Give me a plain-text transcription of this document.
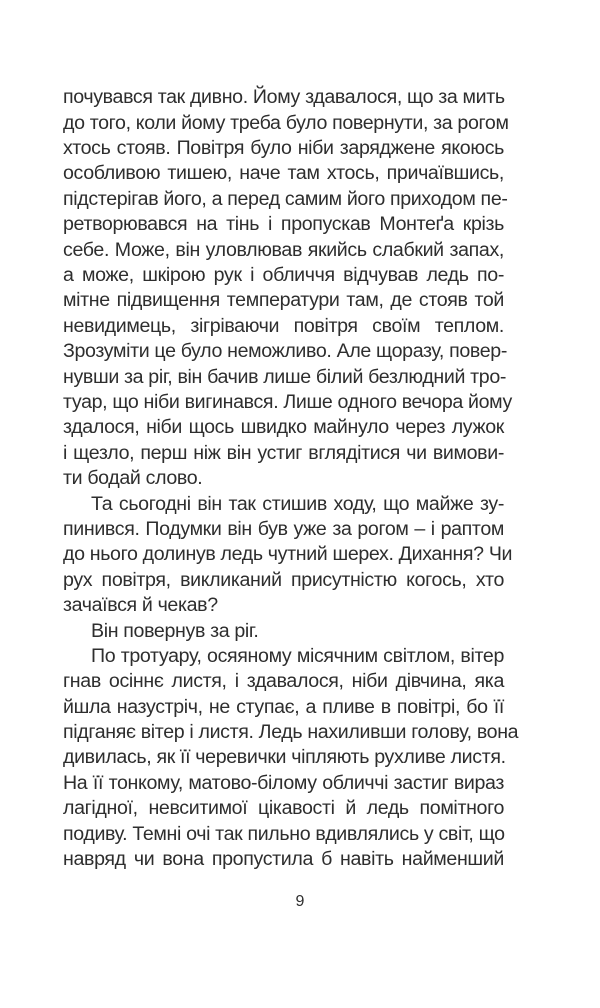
почувався так дивно. Йому здавалося, що за мить
до того, коли йому треба було повернути, за рогом
хтось стояв. Повітря було ніби заряджене якоюсь
особливою тишею, наче там хтось, причаївшись,
підстерігав його, а перед самим його приходом пе-
ретворювався на тінь і пропускав Монтеґа крізь
себе. Може, він уловлював якийсь слабкий запах,
а може, шкірою рук і обличчя відчував ледь по-
мітне підвищення температури там, де стояв той
невидимець, зігріваючи повітря своїм теплом.
Зрозуміти це було неможливо. Але щоразу, повер-
нувши за ріг, він бачив лише білий безлюдний тро-
туар, що ніби вигинався. Лише одного вечора йому
здалося, ніби щось швидко майнуло через лужок
і щезло, перш ніж він устиг вглядітися чи вимови-
ти бодай слово.
Та сьогодні він так стишив ходу, що майже зу-
пинився. Подумки він був уже за рогом – і раптом
до нього долинув ледь чутний шерех. Дихання? Чи
рух повітря, викликаний присутністю когось, хто
зачаївся й чекав?
Він повернув за ріг.
По тротуару, осяяному місячним світлом, вітер
гнав осіннє листя, і здавалося, ніби дівчина, яка
йшла назустріч, не ступає, а пливе в повітрі, бо її
підганяє вітер і листя. Ледь нахиливши голову, вона
дивилась, як її черевички чіпляють рухливе листя.
На її тонкому, матово-білому обличчі застиг вираз
лагідної, невситимої цікавості й ледь помітного
подиву. Темні очі так пильно вдивлялись у світ, що
навряд чи вона пропустила б навіть найменший
9
